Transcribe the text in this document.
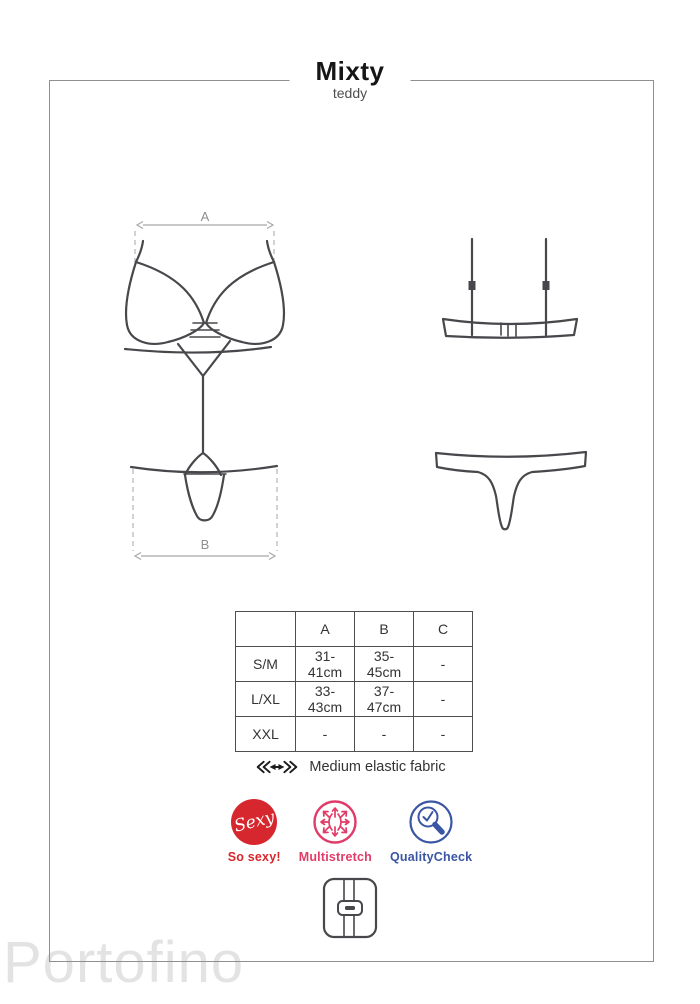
Portofino
Mixty
teddy
A
B
	A	B	C
S/M	31-41cm	35-45cm	-
L/XL	33-43cm	37-47cm	-
XXL	-	-	-
Medium elastic fabric
Sexy
So sexy! Multistretch QualityCheck
